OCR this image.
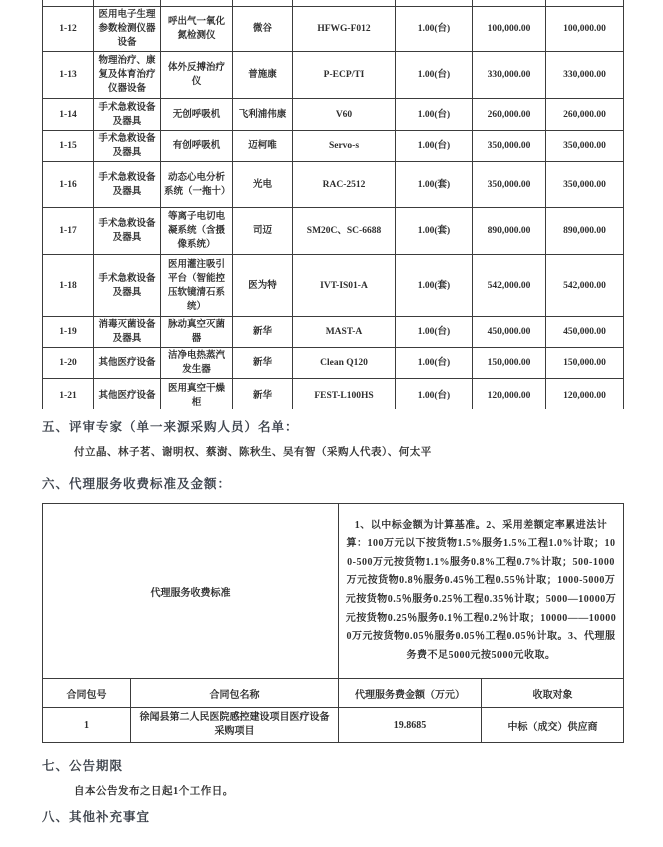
1-12	医用电子生理参数检测仪器设备	呼出气一氧化氮检测仪	微谷	HFWG-F012	1.00(台)	100,000.00	100,000.00
1-13	物理治疗、康复及体育治疗仪器设备	体外反搏治疗仪	普施康	P-ECP/TI	1.00(台)	330,000.00	330,000.00
1-14	手术急救设备及器具	无创呼吸机	飞利浦伟康	V60	1.00(台)	260,000.00	260,000.00
1-15	手术急救设备及器具	有创呼吸机	迈柯唯	Servo-s	1.00(台)	350,000.00	350,000.00
1-16	手术急救设备及器具	动态心电分析系统（一拖十）	光电	RAC-2512	1.00(套)	350,000.00	350,000.00
1-17	手术急救设备及器具	等离子电切电凝系统（含摄像系统）	司迈	SM20C、SC-6688	1.00(套)	890,000.00	890,000.00
1-18	手术急救设备及器具	医用灌注吸引平台（智能控压软镜清石系统）	医为特	IVT-IS01-A	1.00(套)	542,000.00	542,000.00
1-19	消毒灭菌设备及器具	脉动真空灭菌器	新华	MAST-A	1.00(台)	450,000.00	450,000.00
1-20	其他医疗设备	洁净电热蒸汽发生器	新华	Clean Q120	1.00(台)	150,000.00	150,000.00
1-21	其他医疗设备	医用真空干燥柜	新华	FEST-L100HS	1.00(台)	120,000.00	120,000.00
五、评审专家（单一来源采购人员）名单：
付立晶、林子茗、谢明权、蔡澍、陈秋生、吴有智（采购人代表）、何太平
六、代理服务收费标准及金额：
代理服务收费标准		1、以中标金额为计算基准。2、采用差额定率累进法计算：100万元以下按货物1.5%服务1.5%工程1.0%计取；100-500万元按货物1.1%服务0.8%工程0.7%计取；500-1000万元按货物0.8％服务0.45％工程0.55％计取；1000-5000万元按货物0.5％服务0.25％工程0.35％计取；5000—10000万元按货物0.25％服务0.1％工程0.2％计取；10000——100000万元按货物0.05％服务0.05％工程0.05％计取。3、代理服务费不足5000元按5000元收取。	
合同包号	合同包名称	代理服务费金额（万元）	收取对象
1	徐闻县第二人民医院感控建设项目医疗设备采购项目	19.8685	中标（成交）供应商
七、公告期限
自本公告发布之日起1个工作日。
八、其他补充事宜
